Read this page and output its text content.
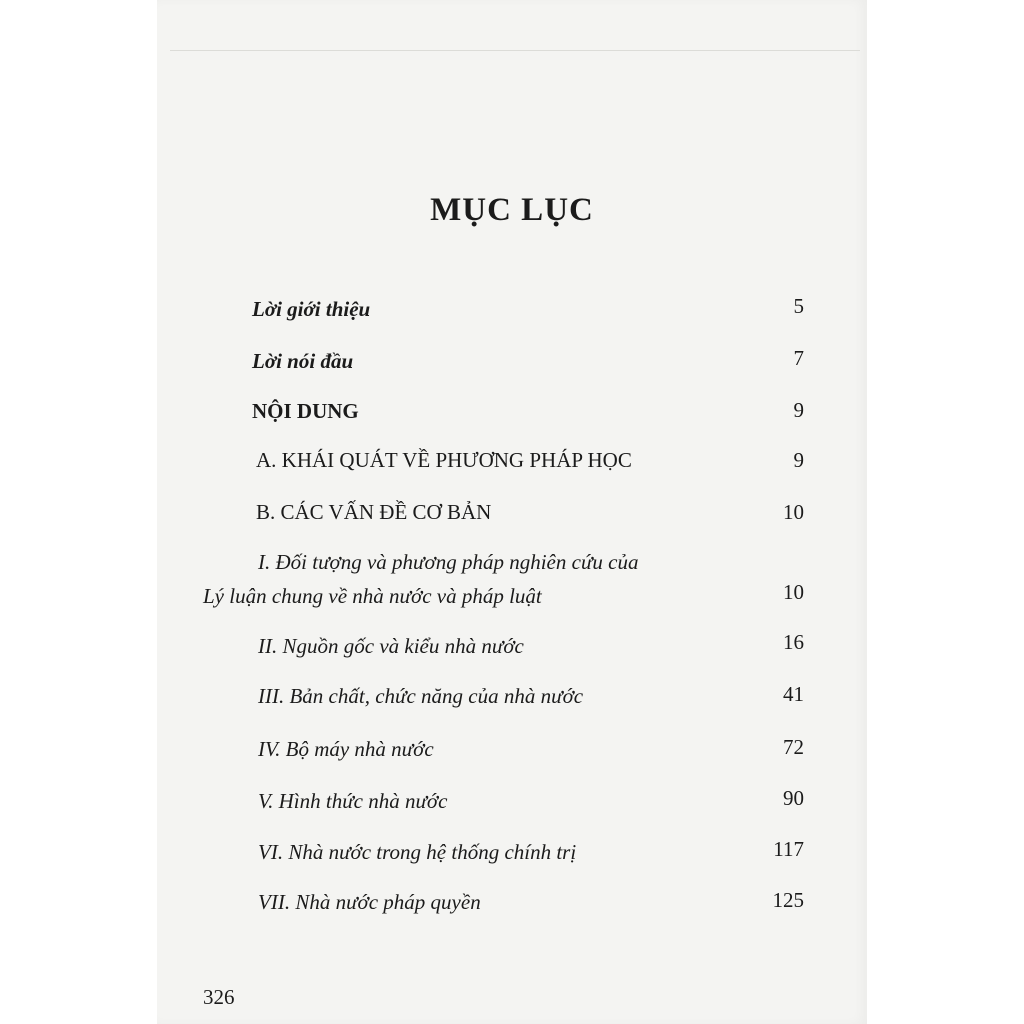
MỤC LỤC
Lời giới thiệu	5
Lời nói đầu	7
NỘI DUNG	9
A. KHÁI QUÁT VỀ PHƯƠNG PHÁP HỌC	9
B. CÁC VẤN ĐỀ CƠ BẢN	10
I. Đối tượng và phương pháp nghiên cứu của
Lý luận chung về nhà nước và pháp luật	10
II. Nguồn gốc và kiểu nhà nước	16
III. Bản chất, chức năng của nhà nước	41
IV. Bộ máy nhà nước	72
V. Hình thức nhà nước	90
VI. Nhà nước trong hệ thống chính trị	117
VII. Nhà nước pháp quyền	125
326
